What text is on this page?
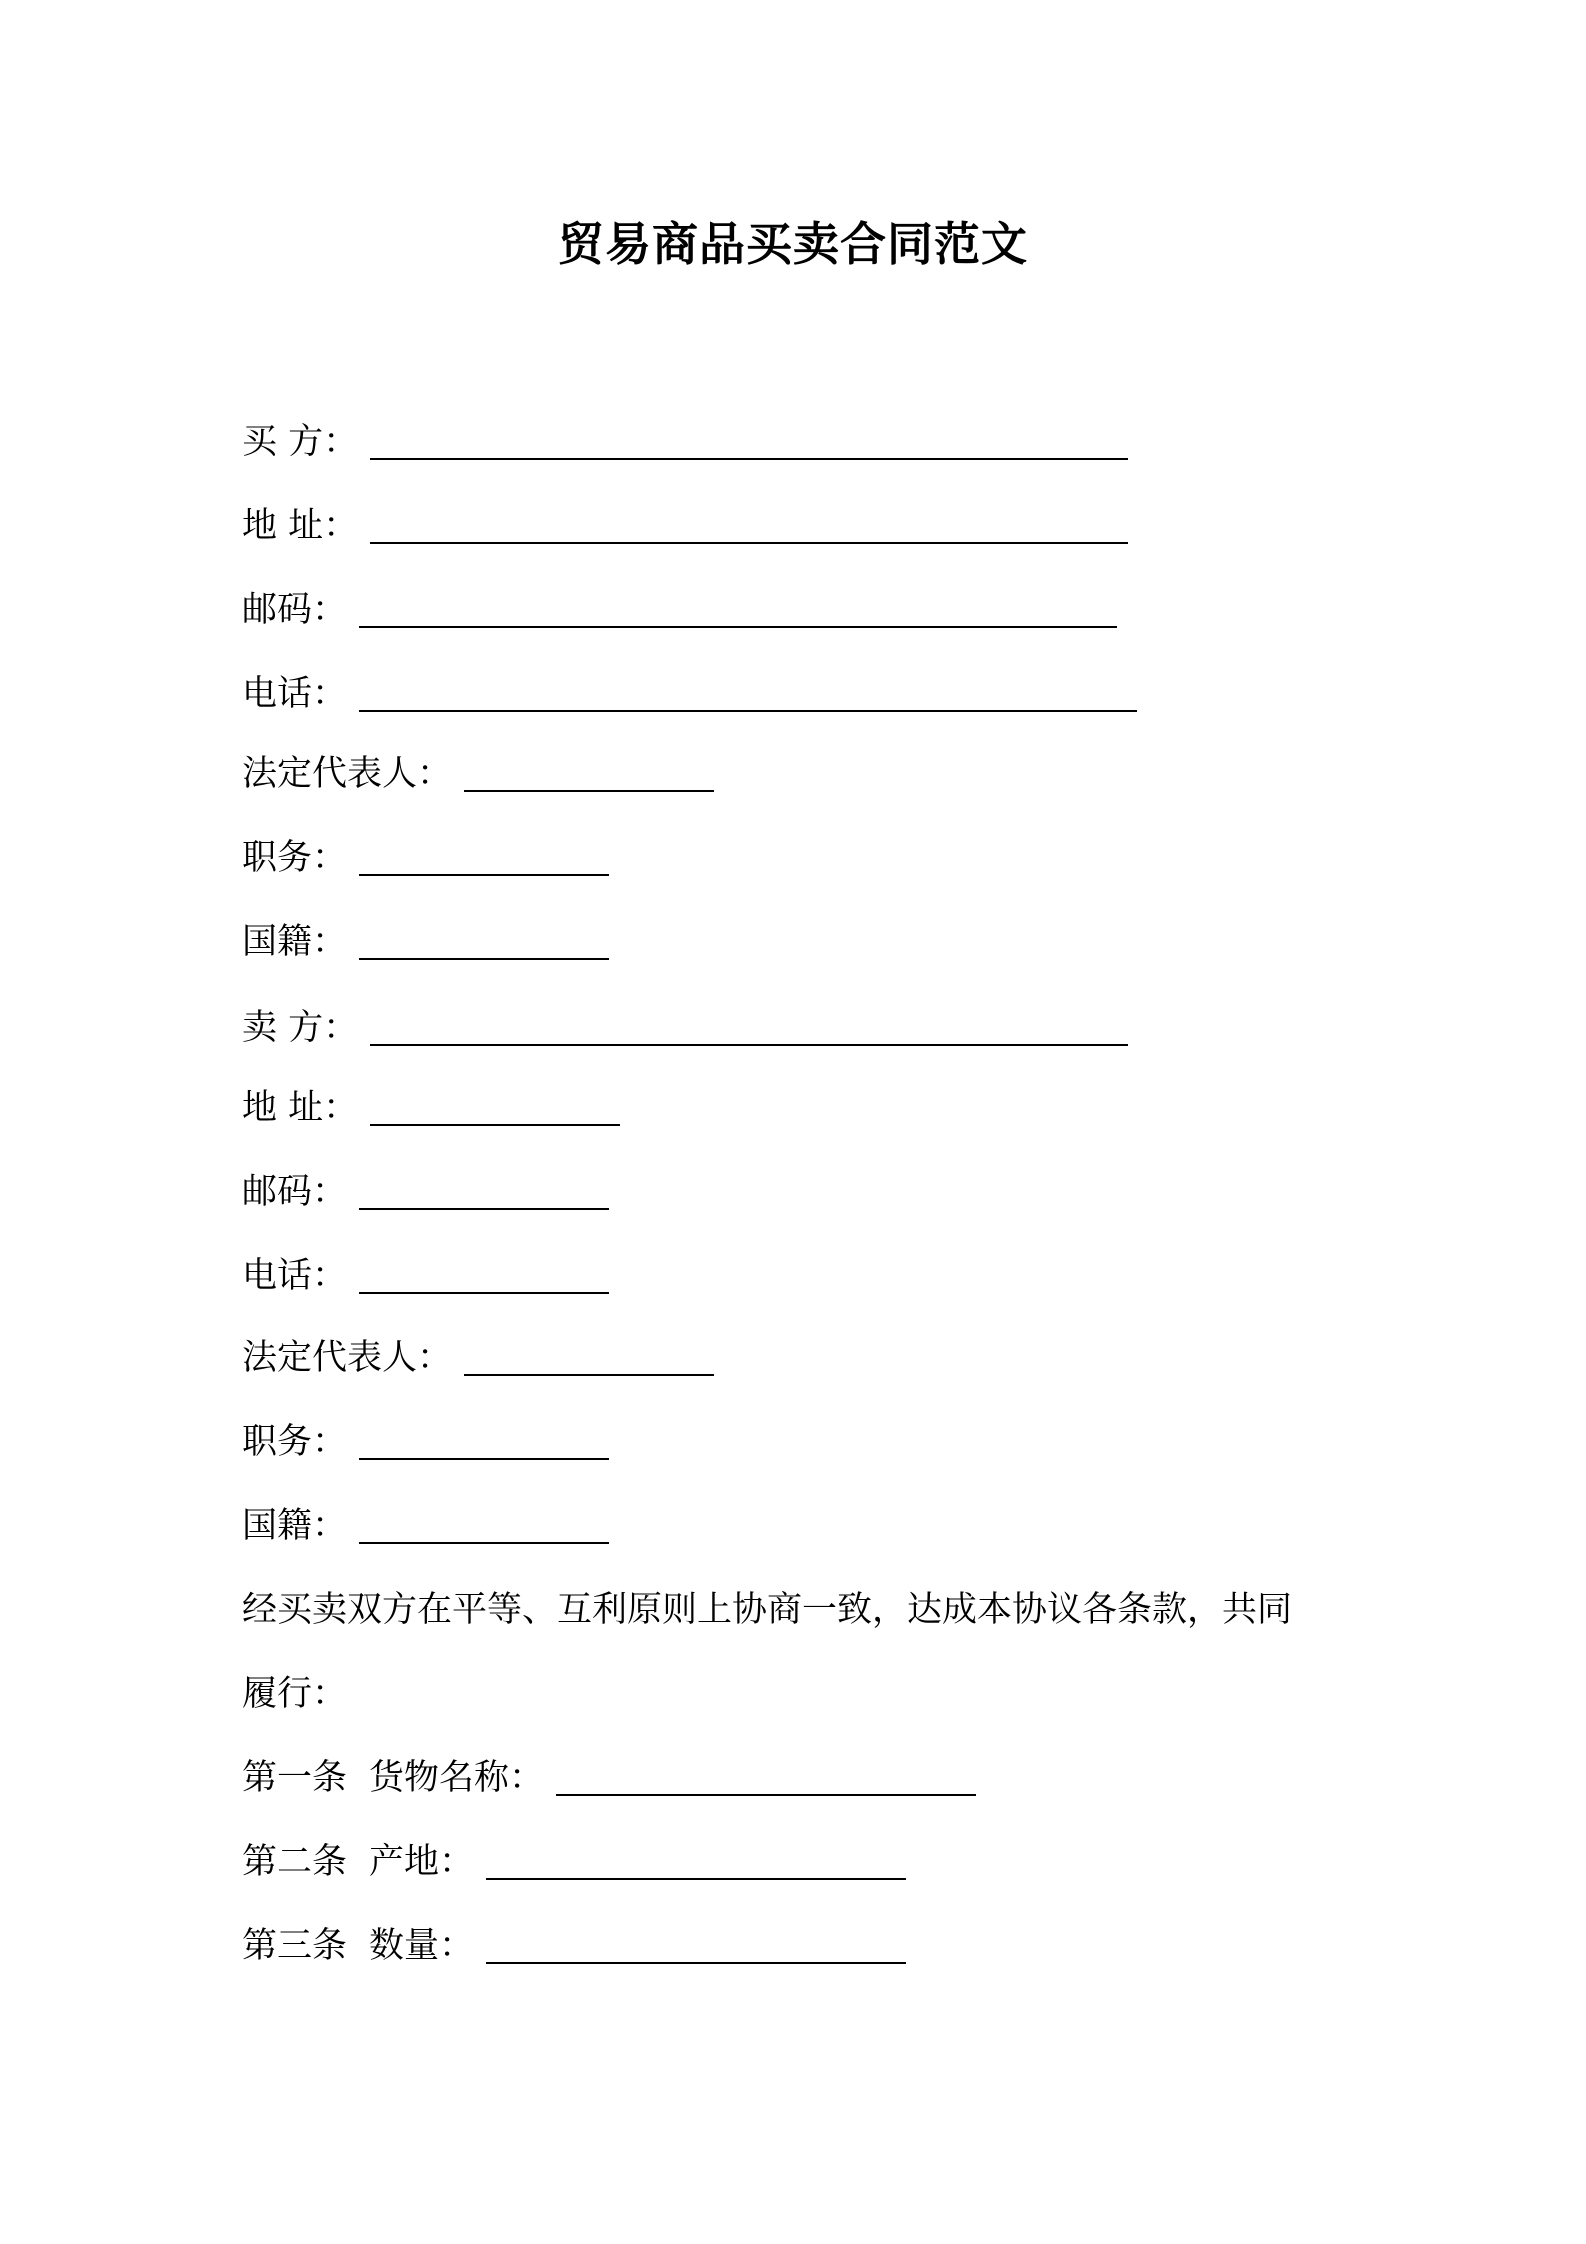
贸易商品买卖合同范文
买 方：
地 址：
邮码：
电话：
法定代表人：
职务：
国籍：
卖 方：
地 址：
邮码：
电话：
法定代表人：
职务：
国籍：
经买卖双方在平等、互利原则上协商一致，达成本协议各条款，共同
履行：
第一条 货物名称：
第二条 产地：
第三条 数量：
